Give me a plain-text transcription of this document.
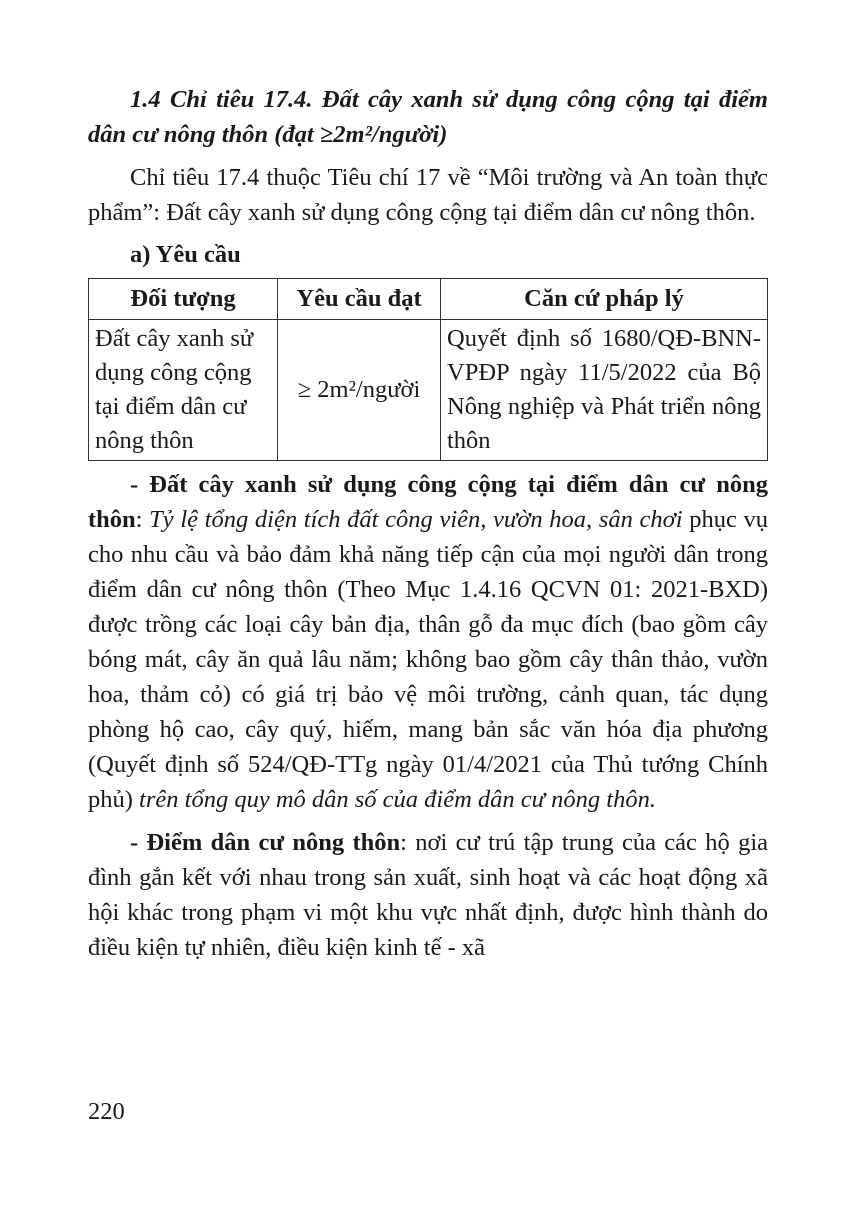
1.4 Chỉ tiêu 17.4. Đất cây xanh sử dụng công cộng tại điểm dân cư nông thôn (đạt ≥2m²/người)

Chỉ tiêu 17.4 thuộc Tiêu chí 17 về “Môi trường và An toàn thực phẩm”: Đất cây xanh sử dụng công cộng tại điểm dân cư nông thôn.

a) Yêu cầu

Đối tượng	Yêu cầu đạt	Căn cứ pháp lý
Đất cây xanh sử dụng công cộng tại điểm dân cư nông thôn	≥ 2m²/người	Quyết định số 1680/QĐ-BNN-VPĐP ngày 11/5/2022 của Bộ Nông nghiệp và Phát triển nông thôn

- Đất cây xanh sử dụng công cộng tại điểm dân cư nông thôn: Tỷ lệ tổng diện tích đất công viên, vườn hoa, sân chơi phục vụ cho nhu cầu và bảo đảm khả năng tiếp cận của mọi người dân trong điểm dân cư nông thôn (Theo Mục 1.4.16 QCVN 01: 2021-BXD) được trồng các loại cây bản địa, thân gỗ đa mục đích (bao gồm cây bóng mát, cây ăn quả lâu năm; không bao gồm cây thân thảo, vườn hoa, thảm cỏ) có giá trị bảo vệ môi trường, cảnh quan, tác dụng phòng hộ cao, cây quý, hiếm, mang bản sắc văn hóa địa phương (Quyết định số 524/QĐ-TTg ngày 01/4/2021 của Thủ tướng Chính phủ) trên tổng quy mô dân số của điểm dân cư nông thôn.

- Điểm dân cư nông thôn: nơi cư trú tập trung của các hộ gia đình gắn kết với nhau trong sản xuất, sinh hoạt và các hoạt động xã hội khác trong phạm vi một khu vực nhất định, được hình thành do điều kiện tự nhiên, điều kiện kinh tế - xã

220
